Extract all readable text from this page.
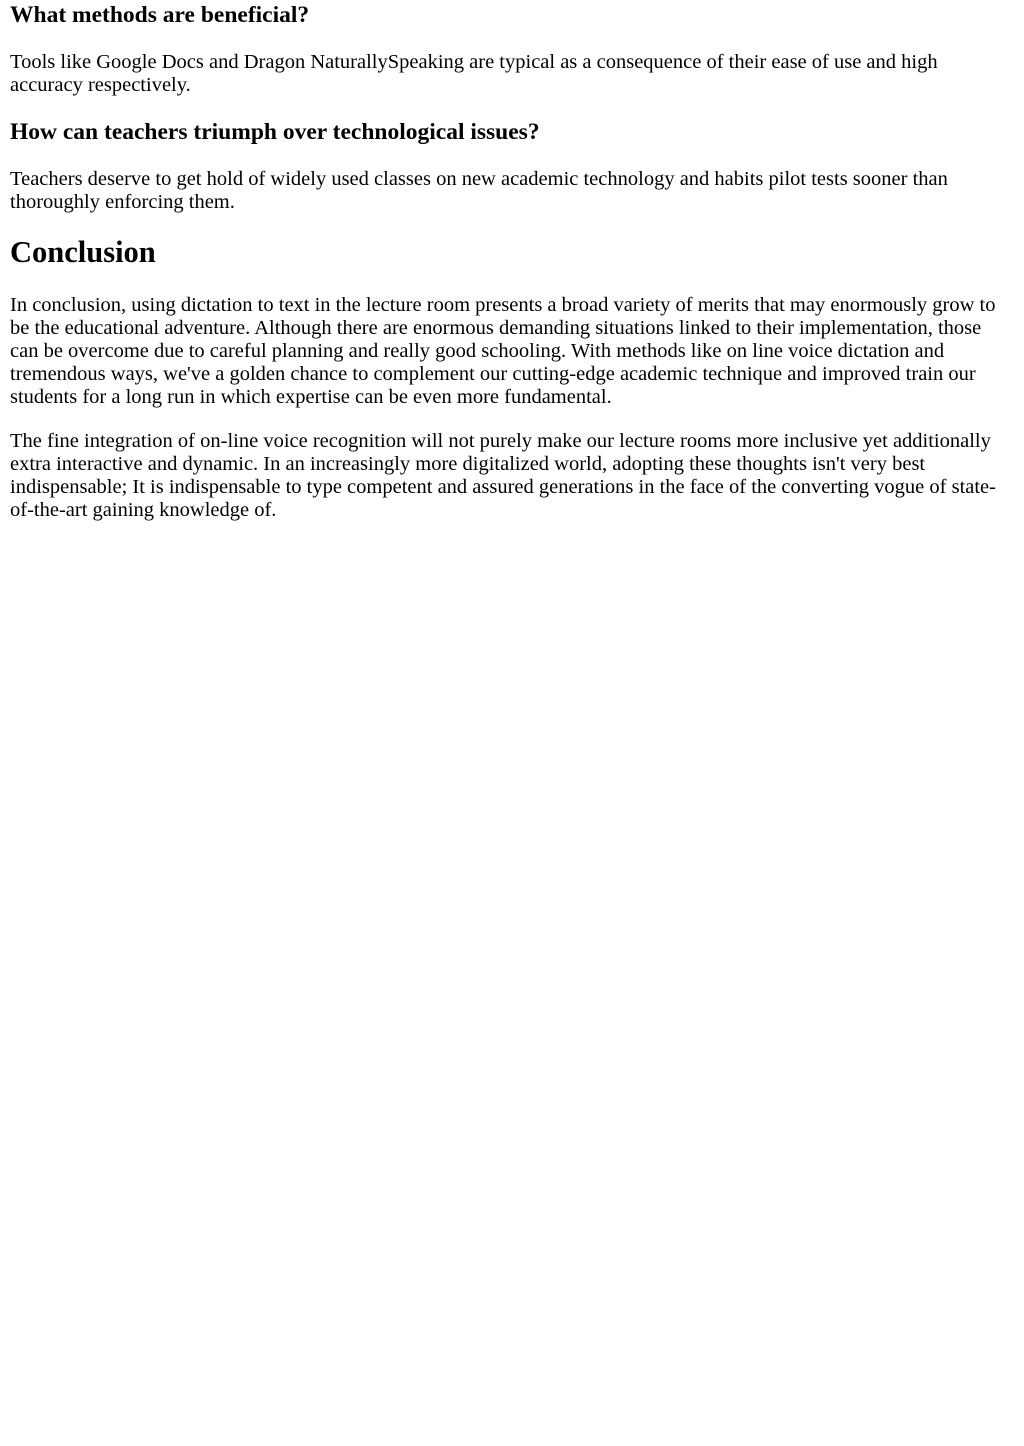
What methods are beneficial?

Tools like Google Docs and Dragon NaturallySpeaking are typical as a consequence of their ease of use and high accuracy respectively.

How can teachers triumph over technological issues?

Teachers deserve to get hold of widely used classes on new academic technology and habits pilot tests sooner than thoroughly enforcing them.

Conclusion

In conclusion, using dictation to text in the lecture room presents a broad variety of merits that may enormously grow to be the educational adventure. Although there are enormous demanding situations linked to their implementation, those can be overcome due to careful planning and really good schooling. With methods like on line voice dictation and tremendous ways, we've a golden chance to complement our cutting-edge academic technique and improved train our students for a long run in which expertise can be even more fundamental.

The fine integration of on-line voice recognition will not purely make our lecture rooms more inclusive yet additionally extra interactive and dynamic. In an increasingly more digitalized world, adopting these thoughts isn't very best indispensable; It is indispensable to type competent and assured generations in the face of the converting vogue of state-of-the-art gaining knowledge of.
